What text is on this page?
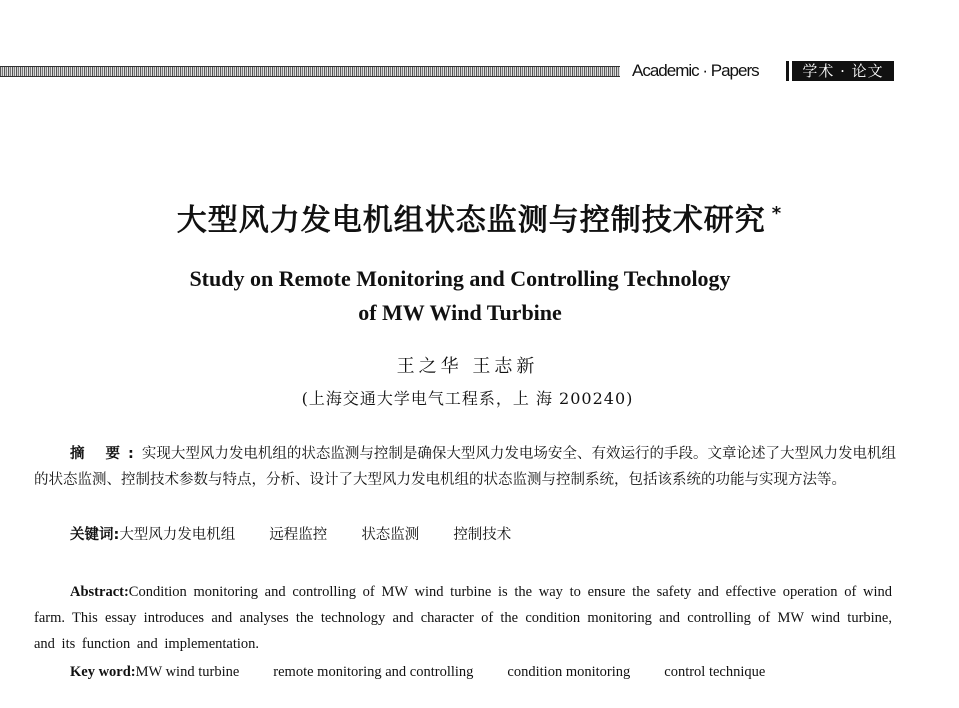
Academic · Papers	学术 · 论文
大型风力发电机组状态监测与控制技术研究 *
Study on Remote Monitoring and Controlling Technology
of MW Wind Turbine
王之华 王志新
(上海交通大学电气工程系，上 海 200240)
摘 要:实现大型风力发电机组的状态监测与控制是确保大型风力发电场安全、有效运行的手段。文章论述了大型风力发电机组的状态监测、控制技术参数与特点，分析、设计了大型风力发电机组的状态监测与控制系统，包括该系统的功能与实现方法等。
关键词:大型风力发电机组 远程监控 状态监测 控制技术
Abstract:Condition monitoring and controlling of MW wind turbine is the way to ensure the safety and effective operation of wind farm. This essay introduces and analyses the technology and character of the condition monitoring and controlling of MW wind turbine, and its function and implementation.
Key word:MW wind turbine remote monitoring and controlling condition monitoring control technique
